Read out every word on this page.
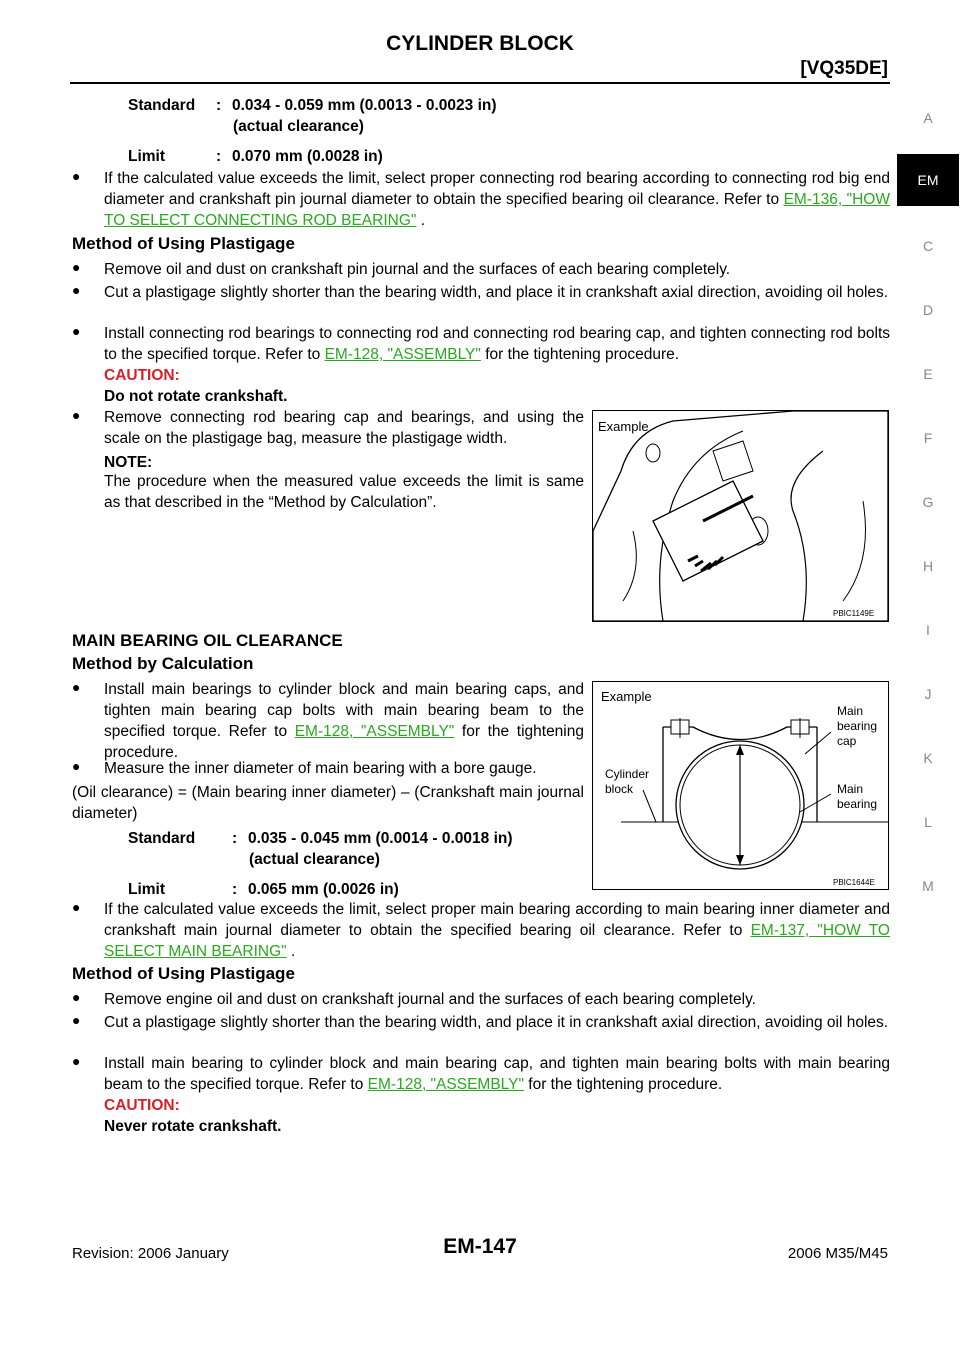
CYLINDER BLOCK
[VQ35DE]
A
EM
C
D
E
F
G
H
I
J
K
L
M
Standard	:	0.034 - 0.059 mm (0.0013 - 0.0023 in)
(actual clearance)

Limit	:	0.070 mm (0.0028 in)
● If the calculated value exceeds the limit, select proper connecting rod bearing according to connecting rod big end diameter and crankshaft pin journal diameter to obtain the specified bearing oil clearance. Refer to EM-136, "HOW TO SELECT CONNECTING ROD BEARING" .
Method of Using Plastigage
● Remove oil and dust on crankshaft pin journal and the surfaces of each bearing completely.
● Cut a plastigage slightly shorter than the bearing width, and place it in crankshaft axial direction, avoiding oil holes.
● Install connecting rod bearings to connecting rod and connecting rod bearing cap, and tighten connecting rod bolts to the specified torque. Refer to EM-128, "ASSEMBLY" for the tightening procedure.
CAUTION:
Do not rotate crankshaft.
● Remove connecting rod bearing cap and bearings, and using the scale on the plastigage bag, measure the plastigage width.
NOTE:
The procedure when the measured value exceeds the limit is same as that described in the “Method by Calculation”.
Example
PBIC1149E
MAIN BEARING OIL CLEARANCE
Method by Calculation
● Install main bearings to cylinder block and main bearing caps, and tighten main bearing cap bolts with main bearing beam to the specified torque. Refer to EM-128, "ASSEMBLY" for the tightening procedure.
● Measure the inner diameter of main bearing with a bore gauge.
(Oil clearance) = (Main bearing inner diameter) – (Crankshaft main journal diameter)
Standard	:	0.035 - 0.045 mm (0.0014 - 0.0018 in)
(actual clearance)

Limit	:	0.065 mm (0.0026 in)
Example
Cylinder
block
Main
bearing
cap
Main
bearing
PBIC1644E
● If the calculated value exceeds the limit, select proper main bearing according to main bearing inner diameter and crankshaft main journal diameter to obtain the specified bearing oil clearance. Refer to EM-137, "HOW TO SELECT MAIN BEARING" .
Method of Using Plastigage
● Remove engine oil and dust on crankshaft journal and the surfaces of each bearing completely.
● Cut a plastigage slightly shorter than the bearing width, and place it in crankshaft axial direction, avoiding oil holes.
● Install main bearing to cylinder block and main bearing cap, and tighten main bearing bolts with main bearing beam to the specified torque. Refer to EM-128, "ASSEMBLY" for the tightening procedure.
CAUTION:
Never rotate crankshaft.
Revision: 2006 January	EM-147	2006 M35/M45
